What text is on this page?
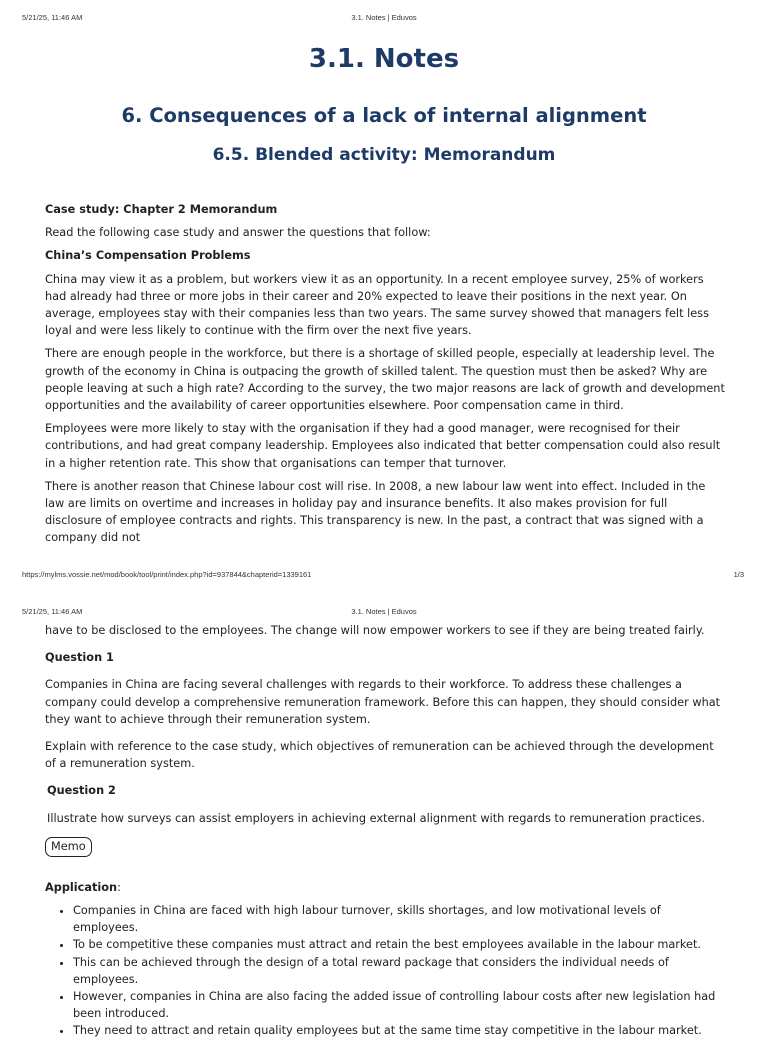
5/21/25, 11:46 AM	3.1. Notes | Eduvos
3.1. Notes
6. Consequences of a lack of internal alignment
6.5. Blended activity: Memorandum

Case study: Chapter 2 Memorandum

Read the following case study and answer the questions that follow:

China’s Compensation Problems

China may view it as a problem, but workers view it as an opportunity. In a recent employee survey, 25% of workers had already had three or more jobs in their career and 20% expected to leave their positions in the next year. On average, employees stay with their companies less than two years. The same survey showed that managers felt less loyal and were less likely to continue with the firm over the next five years.

There are enough people in the workforce, but there is a shortage of skilled people, especially at leadership level. The growth of the economy in China is outpacing the growth of skilled talent. The question must then be asked? Why are people leaving at such a high rate? According to the survey, the two major reasons are lack of growth and development opportunities and the availability of career opportunities elsewhere. Poor compensation came in third.

Employees were more likely to stay with the organisation if they had a good manager, were recognised for their contributions, and had great company leadership. Employees also indicated that better compensation could also result in a higher retention rate. This show that organisations can temper that turnover.

There is another reason that Chinese labour cost will rise. In 2008, a new labour law went into effect. Included in the law are limits on overtime and increases in holiday pay and insurance benefits. It also makes provision for full disclosure of employee contracts and rights. This transparency is new. In the past, a contract that was signed with a company did not

https://mylms.vossie.net/mod/book/tool/print/index.php?id=937844&chapterid=1339161	1/3
5/21/25, 11:46 AM	3.1. Notes | Eduvos

have to be disclosed to the employees. The change will now empower workers to see if they are being treated fairly.

Question 1

Companies in China are facing several challenges with regards to their workforce. To address these challenges a company could develop a comprehensive remuneration framework. Before this can happen, they should consider what they want to achieve through their remuneration system.

Explain with reference to the case study, which objectives of remuneration can be achieved through the development of a remuneration system.

Question 2

Illustrate how surveys can assist employers in achieving external alignment with regards to remuneration practices.

Memo

Application:

• Companies in China are faced with high labour turnover, skills shortages, and low motivational levels of employees.
• To be competitive these companies must attract and retain the best employees available in the labour market.
• This can be achieved through the design of a total reward package that considers the individual needs of employees.
• However, companies in China are also facing the added issue of controlling labour costs after new legislation had been introduced.
• They need to attract and retain quality employees but at the same time stay competitive in the labour market.
